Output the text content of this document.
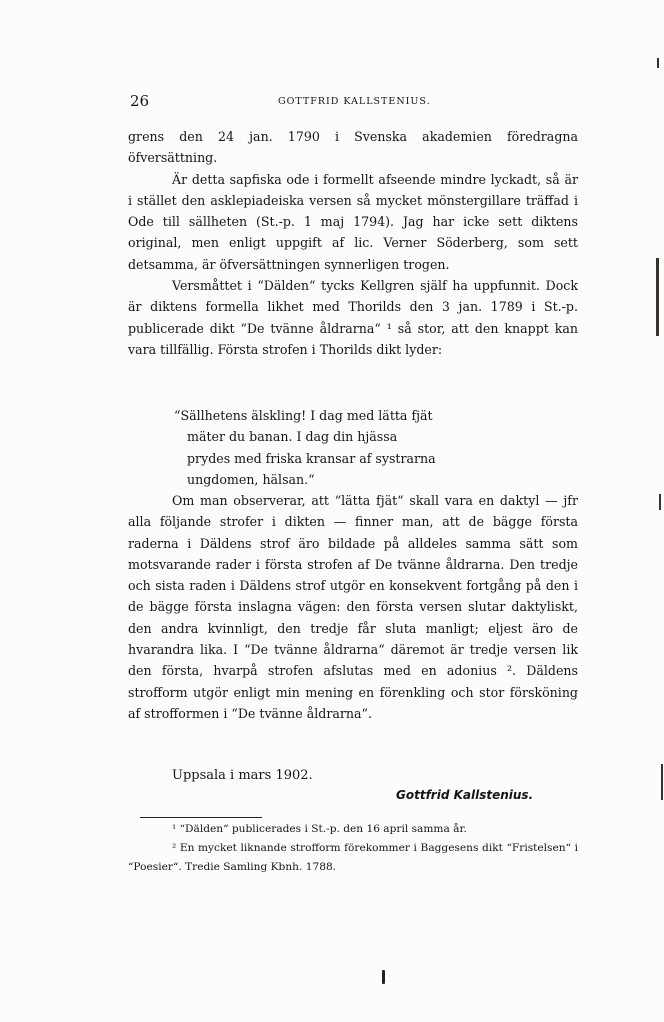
26	GOTTFRID KALLSTENIUS.

grens den 24 jan. 1790 i Svenska akademien föredragna öfversättning.

Är detta sapfiska ode i formellt afseende mindre lyckadt, så är i stället den asklepiadeiska versen så mycket mönstergillare träffad i Ode till sällheten (St.-p. 1 maj 1794). Jag har icke sett diktens original, men enligt uppgift af lic. Verner Söderberg, som sett detsamma, är öfversättningen synnerligen trogen.

Versmåttet i “Dälden“ tycks Kellgren själf ha uppfunnit. Dock är diktens formella likhet med Thorilds den 3 jan. 1789 i St.-p. publicerade dikt “De tvänne åldrarna“ ¹ så stor, att den knappt kan vara tillfällig. Första strofen i Thorilds dikt lyder:

“Sällhetens älskling! I dag med lätta fjät
mäter du banan. I dag din hjässa
prydes med friska kransar af systrarna
ungdomen, hälsan.“

Om man observerar, att “lätta fjät“ skall vara en daktyl — jfr alla följande strofer i dikten — finner man, att de bägge första raderna i Däldens strof äro bildade på alldeles samma sätt som motsvarande rader i första strofen af De tvänne åldrarna. Den tredje och sista raden i Däldens strof utgör en konsekvent fortgång på den i de bägge första inslagna vägen: den första versen slutar daktyliskt, den andra kvinnligt, den tredje får sluta manligt; eljest äro de hvarandra lika. I “De tvänne åldrarna“ däremot är tredje versen lik den första, hvarpå strofen afslutas med en adonius ². Däldens strofform utgör enligt min mening en förenkling och stor försköning af strofformen i “De tvänne åldrarna“.

Uppsala i mars 1902.
Gottfrid Kallstenius.

¹ “Dälden“ publicerades i St.-p. den 16 april samma år.

² En mycket liknande strofform förekommer i Baggesens dikt “Fristelsen“ i “Poesier“. Tredie Samling Kbnh. 1788.
